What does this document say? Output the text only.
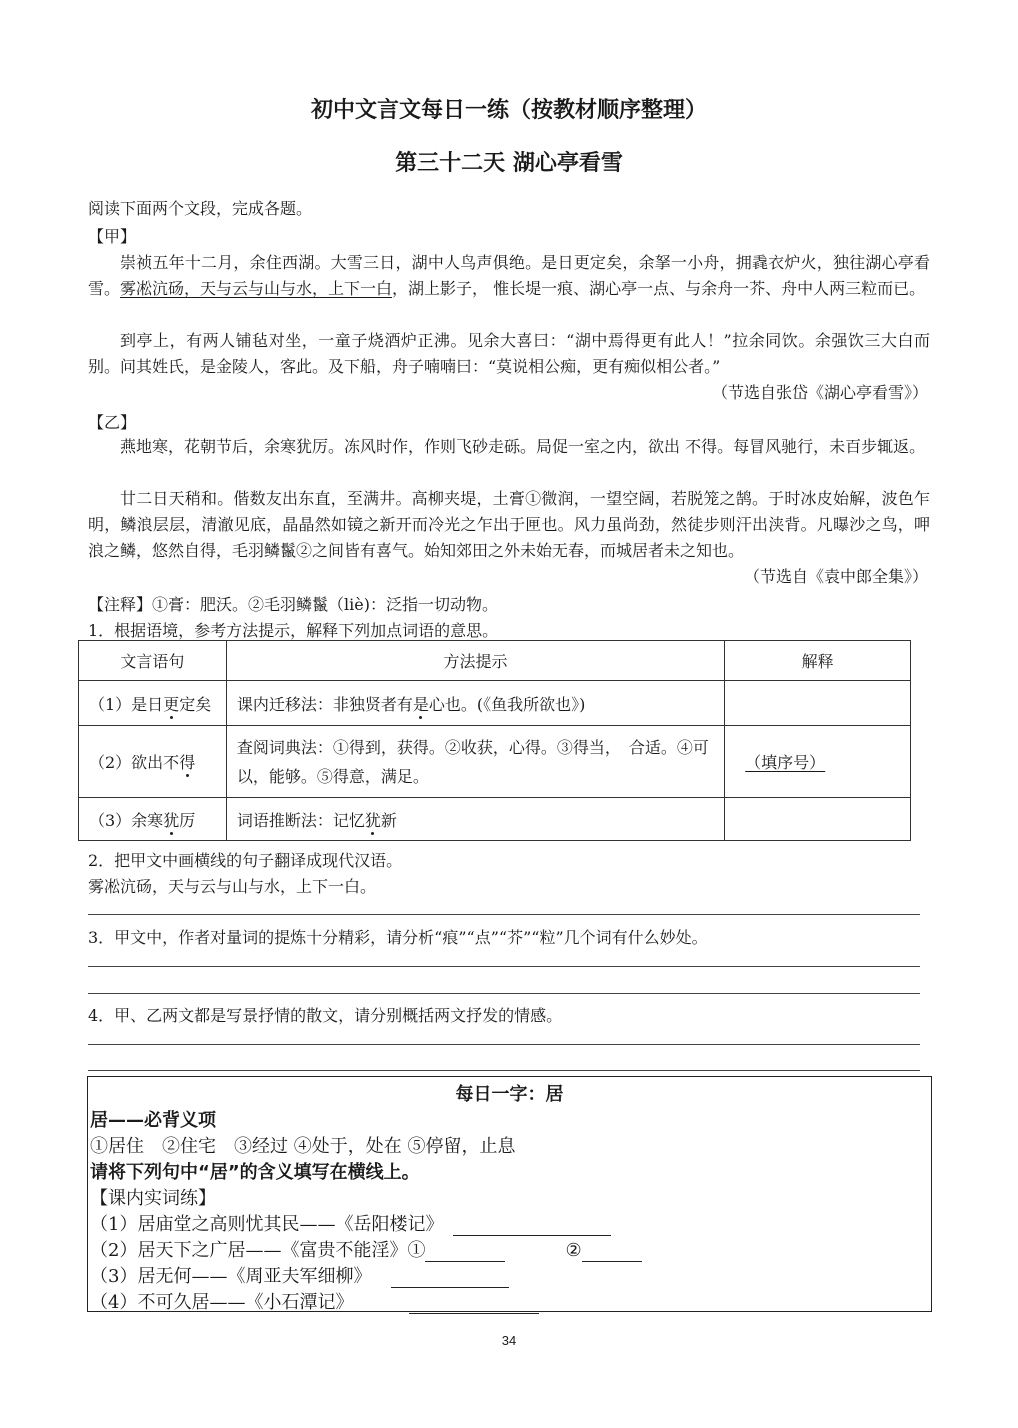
初中文言文每日一练（按教材顺序整理）
第三十二天 湖心亭看雪
阅读下面两个文段，完成各题。
【甲】
崇祯五年十二月，余住西湖。大雪三日，湖中人鸟声俱绝。是日更定矣，余拏一小舟，拥毳衣炉火，独往湖心亭看雪。雾凇沆砀，天与云与山与水，上下一白，湖上影子， 惟长堤一痕、湖心亭一点、与余舟一芥、舟中人两三粒而已。
到亭上，有两人铺毡对坐，一童子烧酒炉正沸。见余大喜曰：“湖中焉得更有此人！”拉余同饮。余强饮三大白而别。问其姓氏，是金陵人，客此。及下船，舟子喃喃曰：“莫说相公痴，更有痴似相公者。”
（节选自张岱《湖心亭看雪》）
【乙】
燕地寒，花朝节后，余寒犹厉。冻风时作，作则飞砂走砾。局促一室之内，欲出 不得。每冒风驰行，未百步辄返。
廿二日天稍和。偕数友出东直，至满井。高柳夹堤，土膏①微润，一望空阔，若脱笼之鹄。于时冰皮始解，波色乍明，鳞浪层层，清澈见底，晶晶然如镜之新开而冷光之乍出于匣也。风力虽尚劲，然徒步则汗出浃背。凡曝沙之鸟，呷浪之鳞，悠然自得，毛羽鳞鬣②之间皆有喜气。始知郊田之外未始无春，而城居者未之知也。
（节选自《袁中郎全集》）
【注释】①膏：肥沃。②毛羽鳞鬣（liè)：泛指一切动物。
1．根据语境，参考方法提示，解释下列加点词语的意思。
文言语句	方法提示	解释
（1）是日更定矣	课内迁移法：非独贤者有是心也。(《鱼我所欲也》)	
（2）欲出不得	查阅词典法：①得到，获得。②收获，心得。③得当，　合适。④可以，能够。⑤得意，满足。	（填序号）
（3）余寒犹厉	词语推断法：记忆犹新	
2．把甲文中画横线的句子翻译成现代汉语。
雾凇沆砀，天与云与山与水，上下一白。
3．甲文中，作者对量词的提炼十分精彩，请分析“痕”“点”“芥”“粒”几个词有什么妙处。
4．甲、乙两文都是写景抒情的散文，请分别概括两文抒发的情感。
每日一字：居
居——必背义项
①居住　②住宅　③经过 ④处于，处在 ⑤停留，止息
请将下列句中“居”的含义填写在横线上。
【课内实词练】
（1）居庙堂之高则忧其民——《岳阳楼记》
（2）居天下之广居——《富贵不能淫》①	②
（3）居无何——《周亚夫军细柳》
（4）不可久居——《小石潭记》
34
